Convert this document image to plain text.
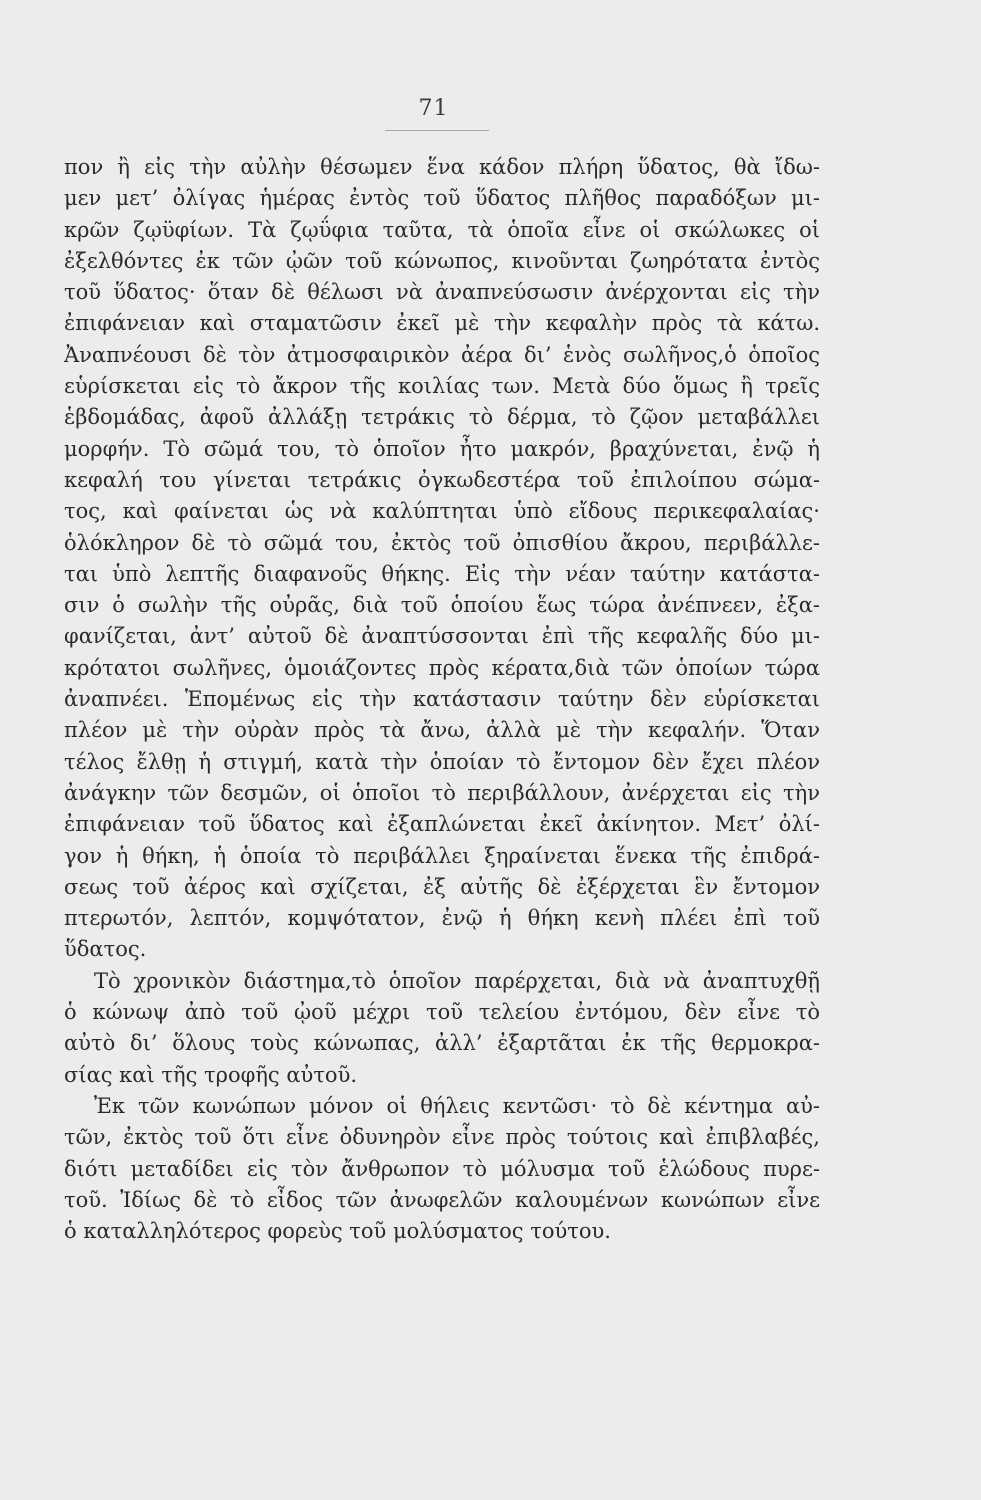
71
πον ἢ εἰς τὴν αὐλὴν θέσωμεν ἕνα κάδον πλήρη ὕδατος, θὰ ἴδω-
μεν μετ’ ὀλίγας ἡμέρας ἐντὸς τοῦ ὕδατος πλῆθος παραδόξων μι-
κρῶν ζῳϋφίων. Τὰ ζῳΰφια ταῦτα, τὰ ὁποῖα εἶνε οἱ σκώλωκες οἱ
ἐξελθόντες ἐκ τῶν ᾠῶν τοῦ κώνωπος, κινοῦνται ζωηρότατα ἐντὸς
τοῦ ὕδατος· ὅταν δὲ θέλωσι νὰ ἀναπνεύσωσιν ἀνέρχονται εἰς τὴν
ἐπιφάνειαν καὶ σταματῶσιν ἐκεῖ μὲ τὴν κεφαλὴν πρὸς τὰ κάτω.
Ἀναπνέουσι δὲ τὸν ἀτμοσφαιρικὸν ἀέρα δι’ ἑνὸς σωλῆνος,ὁ ὁποῖος
εὑρίσκεται εἰς τὸ ἄκρον τῆς κοιλίας των. Μετὰ δύο ὅμως ἢ τρεῖς
ἑβδομάδας, ἀφοῦ ἀλλάξῃ τετράκις τὸ δέρμα, τὸ ζῷον μεταβάλλει
μορφήν. Τὸ σῶμά του, τὸ ὁποῖον ἦτο μακρόν, βραχύνεται, ἐνῷ ἡ
κεφαλή του γίνεται τετράκις ὀγκωδεστέρα τοῦ ἐπιλοίπου σώμα-
τος, καὶ φαίνεται ὡς νὰ καλύπτηται ὑπὸ εἴδους περικεφαλαίας·
ὁλόκληρον δὲ τὸ σῶμά του, ἐκτὸς τοῦ ὀπισθίου ἄκρου, περιβάλλε-
ται ὑπὸ λεπτῆς διαφανοῦς θήκης. Εἰς τὴν νέαν ταύτην κατάστα-
σιν ὁ σωλὴν τῆς οὐρᾶς, διὰ τοῦ ὁποίου ἕως τώρα ἀνέπνεεν, ἐξα-
φανίζεται, ἀντ’ αὐτοῦ δὲ ἀναπτύσσονται ἐπὶ τῆς κεφαλῆς δύο μι-
κρότατοι σωλῆνες, ὁμοιάζοντες πρὸς κέρατα,διὰ τῶν ὁποίων τώρα
ἀναπνέει. Ἑπομένως εἰς τὴν κατάστασιν ταύτην δὲν εὑρίσκεται
πλέον μὲ τὴν οὐρὰν πρὸς τὰ ἄνω, ἀλλὰ μὲ τὴν κεφαλήν. Ὅταν
τέλος ἔλθῃ ἡ στιγμή, κατὰ τὴν ὁποίαν τὸ ἔντομον δὲν ἔχει πλέον
ἀνάγκην τῶν δεσμῶν, οἱ ὁποῖοι τὸ περιβάλλουν, ἀνέρχεται εἰς τὴν
ἐπιφάνειαν τοῦ ὕδατος καὶ ἐξαπλώνεται ἐκεῖ ἀκίνητον. Μετ’ ὀλί-
γον ἡ θήκη, ἡ ὁποία τὸ περιβάλλει ξηραίνεται ἕνεκα τῆς ἐπιδρά-
σεως τοῦ ἀέρος καὶ σχίζεται, ἐξ αὐτῆς δὲ ἐξέρχεται ἓν ἔντομον
πτερωτόν, λεπτόν, κομψότατον, ἐνῷ ἡ θήκη κενὴ πλέει ἐπὶ τοῦ
ὕδατος.
Τὸ χρονικὸν διάστημα,τὸ ὁποῖον παρέρχεται, διὰ νὰ ἀναπτυχθῇ
ὁ κώνωψ ἀπὸ τοῦ ᾠοῦ μέχρι τοῦ τελείου ἐντόμου, δὲν εἶνε τὸ
αὐτὸ δι’ ὅλους τοὺς κώνωπας, ἀλλ’ ἐξαρτᾶται ἐκ τῆς θερμοκρα-
σίας καὶ τῆς τροφῆς αὐτοῦ.
Ἐκ τῶν κωνώπων μόνον οἱ θήλεις κεντῶσι· τὸ δὲ κέντημα αὐ-
τῶν, ἐκτὸς τοῦ ὅτι εἶνε ὀδυνηρὸν εἶνε πρὸς τούτοις καὶ ἐπιβλαβές,
διότι μεταδίδει εἰς τὸν ἄνθρωπον τὸ μόλυσμα τοῦ ἑλώδους πυρε-
τοῦ. Ἰδίως δὲ τὸ εἶδος τῶν ἀνωφελῶν καλουμένων κωνώπων εἶνε
ὁ καταλληλότερος φορεὺς τοῦ μολύσματος τούτου.
